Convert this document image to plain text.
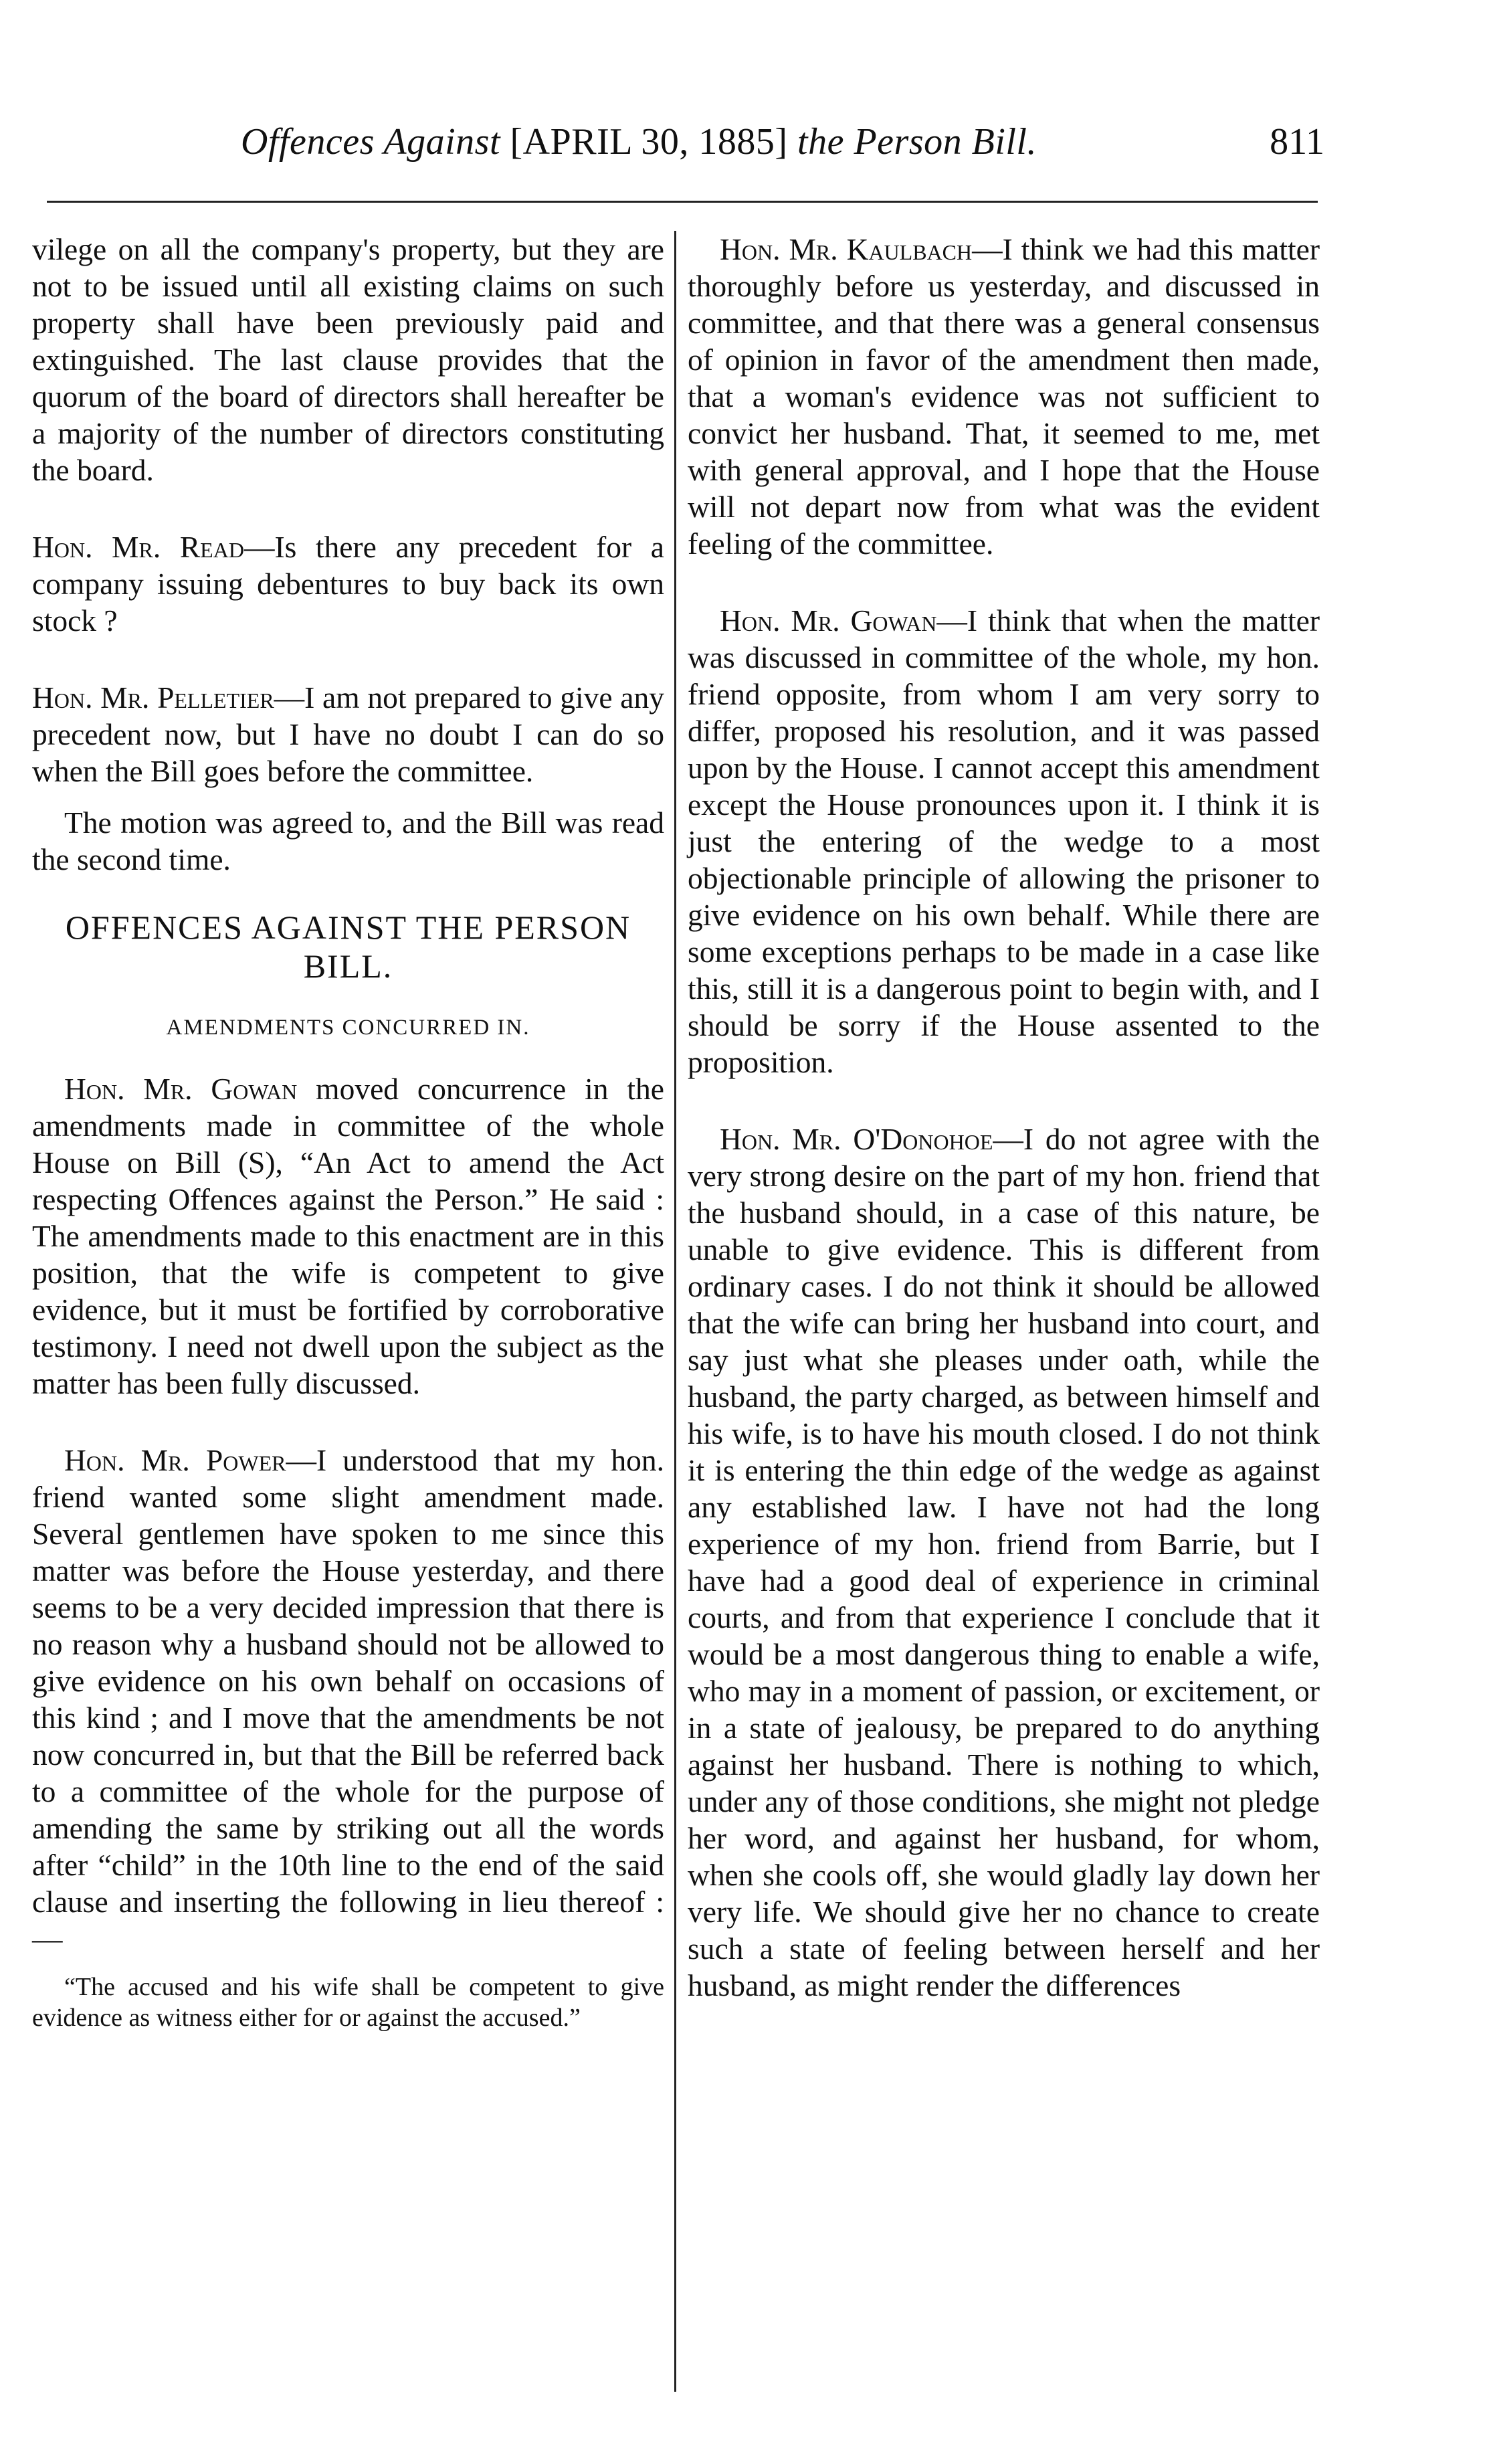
Offences Against [APRIL 30, 1885] the Person Bill.	811

vilege on all the company's property, but they are not to be issued until all existing claims on such property shall have been previously paid and extinguished. The last clause provides that the quorum of the board of directors shall hereafter be a majority of the number of directors constituting the board.

Hon. Mr. Read—Is there any precedent for a company issuing debentures to buy back its own stock ?

Hon. Mr. Pelletier—I am not prepared to give any precedent now, but I have no doubt I can do so when the Bill goes before the committee.

The motion was agreed to, and the Bill was read the second time.

OFFENCES AGAINST THE PERSON BILL.

AMENDMENTS CONCURRED IN.

Hon. Mr. Gowan moved concurrence in the amendments made in committee of the whole House on Bill (S), “An Act to amend the Act respecting Offences against the Person.” He said : The amendments made to this enactment are in this position, that the wife is competent to give evidence, but it must be fortified by corroborative testimony. I need not dwell upon the subject as the matter has been fully discussed.

Hon. Mr. Power—I understood that my hon. friend wanted some slight amendment made. Several gentlemen have spoken to me since this matter was before the House yesterday, and there seems to be a very decided impression that there is no reason why a husband should not be allowed to give evidence on his own behalf on occasions of this kind ; and I move that the amendments be not now concurred in, but that the Bill be referred back to a committee of the whole for the purpose of amending the same by striking out all the words after “child” in the 10th line to the end of the said clause and inserting the following in lieu thereof :—

“The accused and his wife shall be competent to give evidence as witness either for or against the accused.”

Hon. Mr. Kaulbach—I think we had this matter thoroughly before us yesterday, and discussed in committee, and that there was a general consensus of opinion in favor of the amendment then made, that a woman's evidence was not sufficient to convict her husband. That, it seemed to me, met with general approval, and I hope that the House will not depart now from what was the evident feeling of the committee.

Hon. Mr. Gowan—I think that when the matter was discussed in committee of the whole, my hon. friend opposite, from whom I am very sorry to differ, proposed his resolution, and it was passed upon by the House. I cannot accept this amendment except the House pronounces upon it. I think it is just the entering of the wedge to a most objectionable principle of allowing the prisoner to give evidence on his own behalf. While there are some exceptions perhaps to be made in a case like this, still it is a dangerous point to begin with, and I should be sorry if the House assented to the proposition.

Hon. Mr. O'Donohoe—I do not agree with the very strong desire on the part of my hon. friend that the husband should, in a case of this nature, be unable to give evidence. This is different from ordinary cases. I do not think it should be allowed that the wife can bring her husband into court, and say just what she pleases under oath, while the husband, the party charged, as between himself and his wife, is to have his mouth closed. I do not think it is entering the thin edge of the wedge as against any established law. I have not had the long experience of my hon. friend from Barrie, but I have had a good deal of experience in criminal courts, and from that experience I conclude that it would be a most dangerous thing to enable a wife, who may in a moment of passion, or excitement, or in a state of jealousy, be prepared to do anything against her husband. There is nothing to which, under any of those conditions, she might not pledge her word, and against her husband, for whom, when she cools off, she would gladly lay down her very life. We should give her no chance to create such a state of feeling between herself and her husband, as might render the differences
